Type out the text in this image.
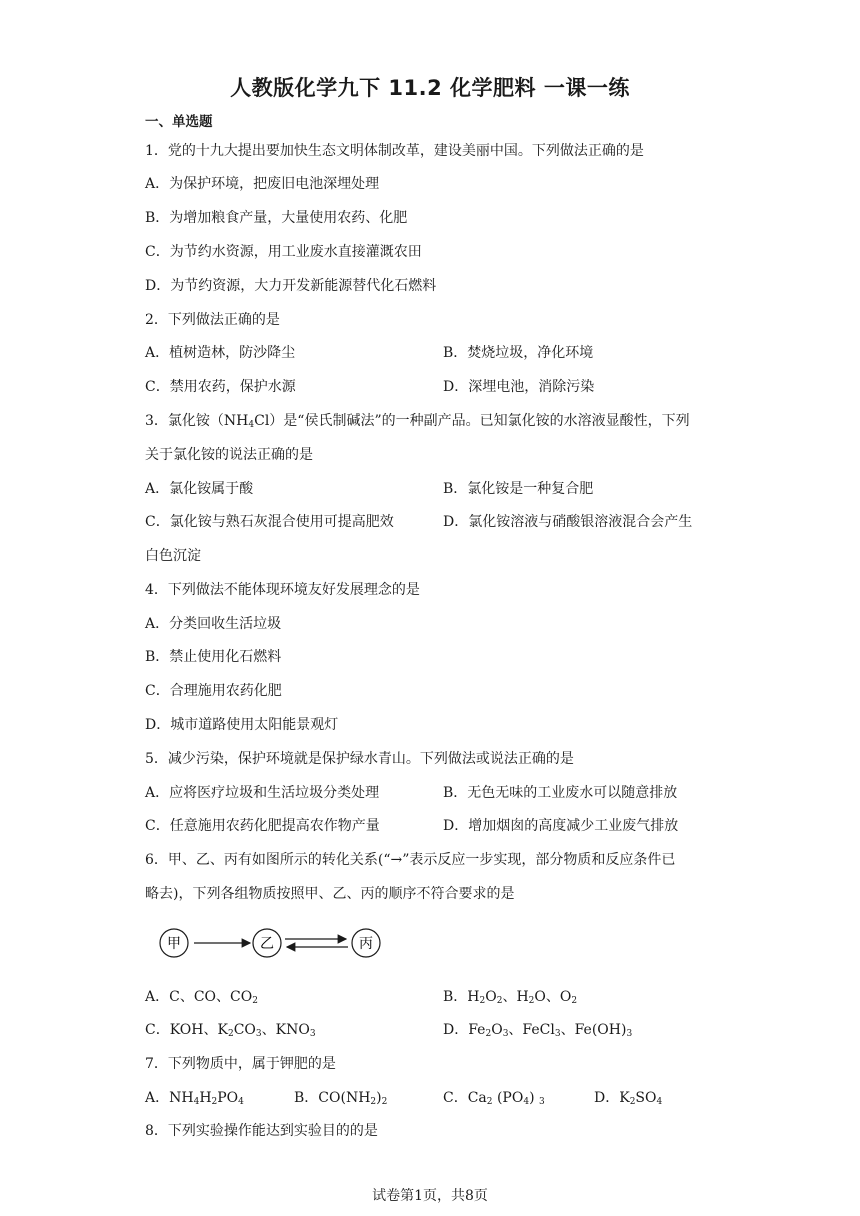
人教版化学九下 11.2 化学肥料 一课一练
一、单选题
1．党的十九大提出要加快生态文明体制改革，建设美丽中国。下列做法正确的是
A．为保护环境，把废旧电池深埋处理
B．为增加粮食产量，大量使用农药、化肥
C．为节约水资源，用工业废水直接灌溉农田
D．为节约资源，大力开发新能源替代化石燃料
2．下列做法正确的是
A．植树造林，防沙降尘	B．焚烧垃圾，净化环境
C．禁用农药，保护水源	D．深埋电池，消除污染
3．氯化铵$(NH_4Cl)$是“侯氏制碱法”的一种副产品。已知氯化铵的水溶液显酸性，下列
关于氯化铵的说法正确的是
A．氯化铵属于酸	B．氯化铵是一种复合肥
C．氯化铵与熟石灰混合使用可提高肥效	D．氯化铵溶液与硝酸银溶液混合会产生
白色沉淀
4．下列做法不能体现环境友好发展理念的是
A．分类回收生活垃圾
B．禁止使用化石燃料
C．合理施用农药化肥
D．城市道路使用太阳能景观灯
5．减少污染，保护环境就是保护绿水青山。下列做法或说法正确的是
A．应将医疗垃圾和生活垃圾分类处理	B．无色无味的工业废水可以随意排放
C．任意施用农药化肥提高农作物产量	D．增加烟囱的高度减少工业废气排放
6．甲、乙、丙有如图所示的转化关系(“→”表示反应一步实现，部分物质和反应条件已
略去)，下列各组物质按照甲、乙、丙的顺序不符合要求的是
甲	乙	丙
A．C、CO、$CO_2$	B．$H_2O_2$、$H_2O$、$O_2$
C．KOH、$K_2CO_3$、$KNO_3$	D．$Fe_2O_3$、FeCl$_3$、$Fe(OH)_3$
7．下列物质中，属于钾肥的是
A．$NH_4H_2PO_4$	B．$CO(NH_2)_2$	C．$Ca_2$ $(PO_4)$ $_3$	D．$K_2SO_4$
8．下列实验操作能达到实验目的的是
试卷第1页，共8页
